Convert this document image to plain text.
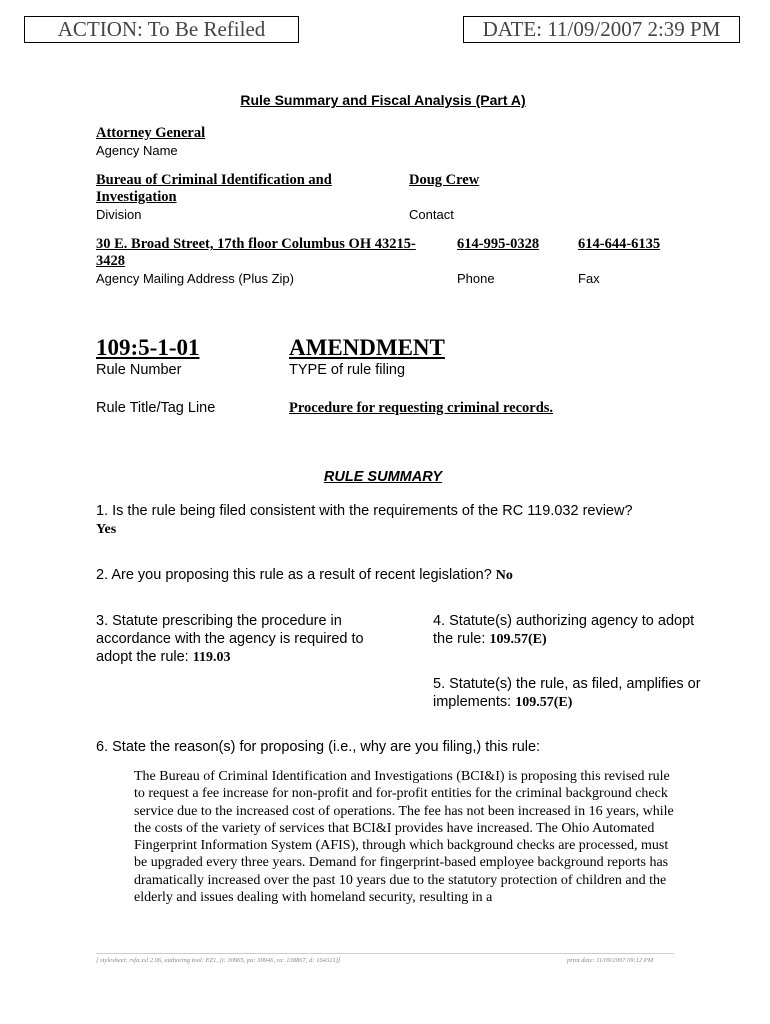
ACTION: To Be Refiled	DATE: 11/09/2007 2:39 PM
Rule Summary and Fiscal Analysis (Part A)
Attorney General
Agency Name
Bureau of Criminal Identification and Investigation
Division
Doug Crew
Contact
30 E. Broad Street, 17th floor Columbus OH 43215-3428
Agency Mailing Address (Plus Zip)
614-995-0328
Phone
614-644-6135
Fax
109:5-1-01
Rule Number
AMENDMENT
TYPE of rule filing
Rule Title/Tag Line	Procedure for requesting criminal records.
RULE SUMMARY
1. Is the rule being filed consistent with the requirements of the RC 119.032 review? Yes
2. Are you proposing this rule as a result of recent legislation? No
3. Statute prescribing the procedure in accordance with the agency is required to adopt the rule: 119.03
4. Statute(s) authorizing agency to adopt the rule: 109.57(E)
5. Statute(s) the rule, as filed, amplifies or implements: 109.57(E)
6. State the reason(s) for proposing (i.e., why are you filing,) this rule:
The Bureau of Criminal Identification and Investigations (BCI&I) is proposing this revised rule to request a fee increase for non-profit and for-profit entities for the criminal background check service due to the increased cost of operations. The fee has not been increased in 16 years, while the costs of the variety of services that BCI&I provides have increased. The Ohio Automated Fingerprint Information System (AFIS), through which background checks are processed, must be upgraded every three years. Demand for fingerprint-based employee background reports has dramatically increased over the past 10 years due to the statutory protection of children and the elderly and issues dealing with homeland security, resulting in a
[ stylesheet: rsfa.xsl 2.06, authoring tool: EZ1, (t: 30965, pa: 39946, ra: 138867, d: 164321)]	print date: 11/09/2007 09:12 PM
